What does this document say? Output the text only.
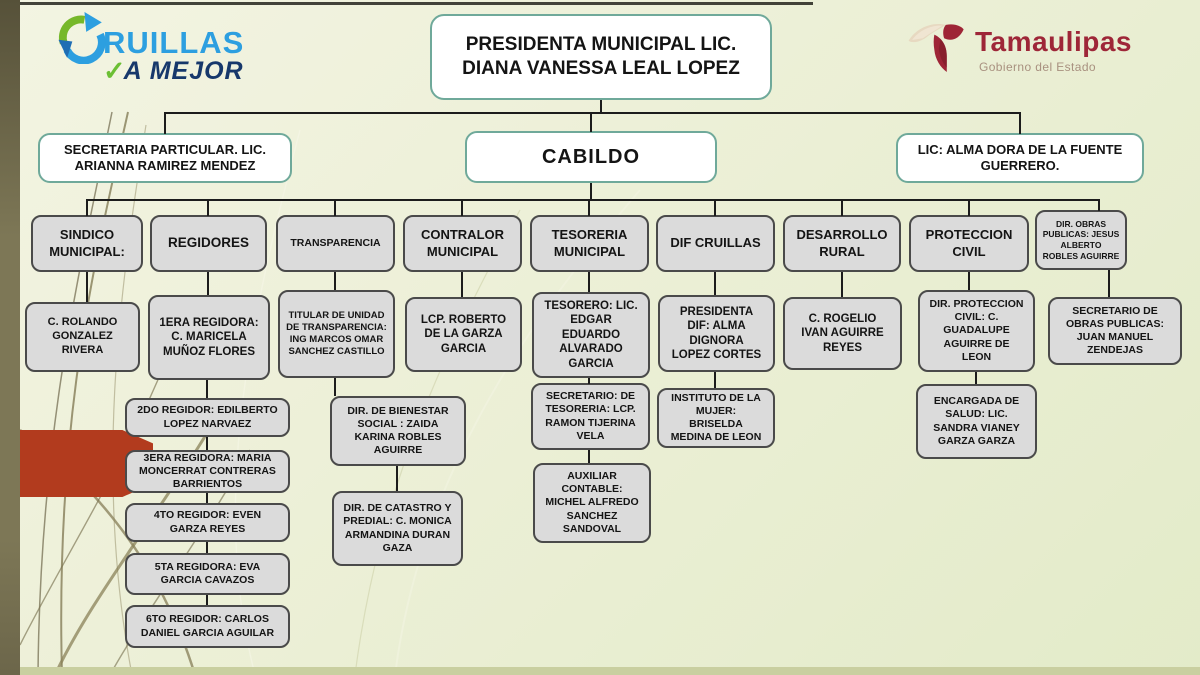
RUILLAS
✓
A MEJOR
Tamaulipas
Gobierno del Estado
PRESIDENTA MUNICIPAL LIC. DIANA VANESSA LEAL LOPEZ
SECRETARIA PARTICULAR. LIC. ARIANNA RAMIREZ MENDEZ	CABILDO	LIC: ALMA DORA DE LA FUENTE GUERRERO.
SINDICO MUNICIPAL:
REGIDORES	TRANSPARENCIA
CONTRALOR MUNICIPAL
TESORERIA MUNICIPAL
DIF CRUILLAS
DESARROLLO RURAL
PROTECCION CIVIL
DIR. OBRAS PUBLICAS: JESUS ALBERTO ROBLES AGUIRRE
C. ROLANDO GONZALEZ RIVERA
1ERA REGIDORA: C. MARICELA MUÑOZ FLORES
TITULAR DE UNIDAD DE TRANSPARENCIA: ING MARCOS OMAR SANCHEZ CASTILLO
LCP. ROBERTO DE LA GARZA GARCIA
TESORERO: LIC. EDGAR EDUARDO ALVARADO GARCIA
PRESIDENTA DIF: ALMA DIGNORA LOPEZ CORTES
C. ROGELIO IVAN AGUIRRE REYES
DIR. PROTECCION CIVIL: C. GUADALUPE AGUIRRE DE LEON
SECRETARIO DE OBRAS PUBLICAS: JUAN MANUEL ZENDEJAS
2DO REGIDOR: EDILBERTO LOPEZ NARVAEZ
3ERA REGIDORA: MARIA MONCERRAT CONTRERAS BARRIENTOS
4TO REGIDOR: EVEN GARZA REYES
5TA REGIDORA: EVA GARCIA CAVAZOS
6TO REGIDOR: CARLOS DANIEL GARCIA AGUILAR
DIR. DE BIENESTAR SOCIAL : ZAIDA KARINA ROBLES AGUIRRE
DIR. DE CATASTRO Y PREDIAL: C. MONICA ARMANDINA DURAN GAZA
SECRETARIO: DE TESORERIA: LCP. RAMON TIJERINA VELA
AUXILIAR CONTABLE: MICHEL ALFREDO SANCHEZ SANDOVAL
INSTITUTO DE LA MUJER: BRISELDA MEDINA DE LEON
ENCARGADA DE SALUD: LIC. SANDRA VIANEY GARZA GARZA
